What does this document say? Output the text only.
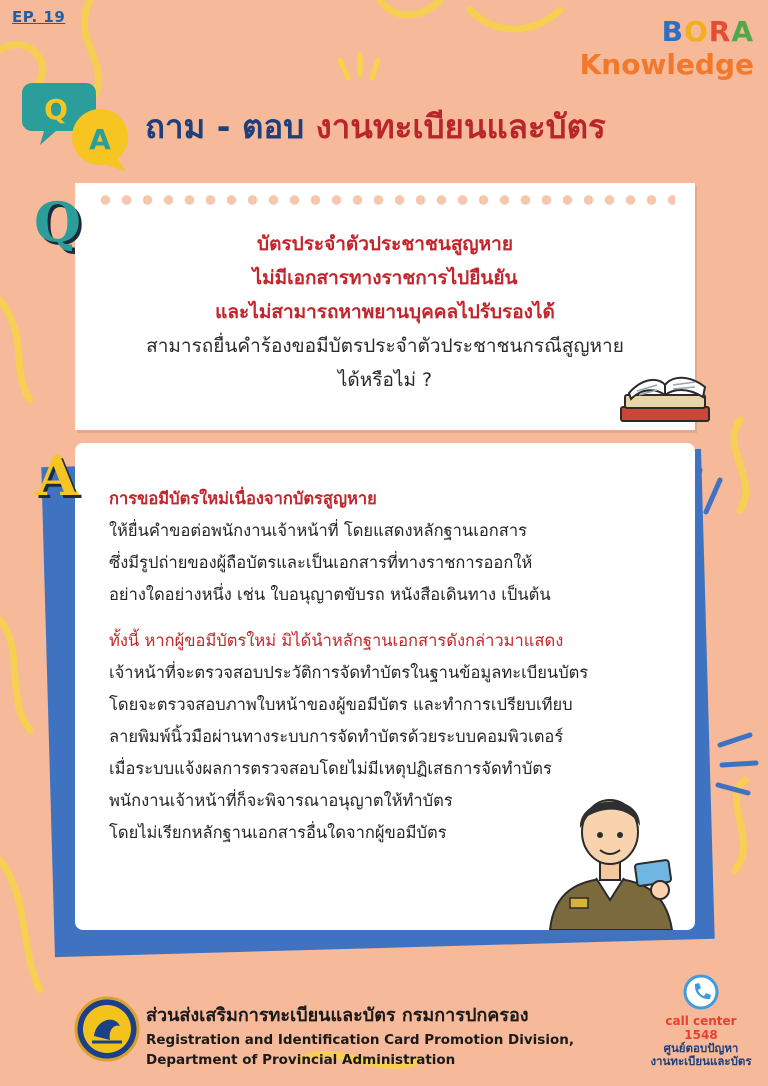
EP. 19	BORA
Knowledge
Q
A ถาม - ตอบ งานทะเบียนและบัตร
บัตรประจำตัวประชาชนสูญหาย
ไม่มีเอกสารทางราชการไปยืนยัน
และไม่สามารถหาพยานบุคคลไปรับรองได้
สามารถยื่นคำร้องขอมีบัตรประจำตัวประชาชนกรณีสูญหาย
ได้หรือไม่ ?
Q

การขอมีบัตรใหม่เนื่องจากบัตรสูญหาย

ให้ยื่นคำขอต่อพนักงานเจ้าหน้าที่ โดยแสดงหลักฐานเอกสาร

ซึ่งมีรูปถ่ายของผู้ถือบัตรและเป็นเอกสารที่ทางราชการออกให้

อย่างใดอย่างหนึ่ง เช่น ใบอนุญาตขับรถ หนังสือเดินทาง เป็นต้น

ทั้งนี้ หากผู้ขอมีบัตรใหม่ มิได้นำหลักฐานเอกสารดังกล่าวมาแสดง

เจ้าหน้าที่จะตรวจสอบประวัติการจัดทำบัตรในฐานข้อมูลทะเบียนบัตร

โดยจะตรวจสอบภาพใบหน้าของผู้ขอมีบัตร และทำการเปรียบเทียบ

ลายพิมพ์นิ้วมือผ่านทางระบบการจัดทำบัตรด้วยระบบคอมพิวเตอร์

เมื่อระบบแจ้งผลการตรวจสอบโดยไม่มีเหตุปฏิเสธการจัดทำบัตร

พนักงานเจ้าหน้าที่ก็จะพิจารณาอนุญาตให้ทำบัตร

โดยไม่เรียกหลักฐานเอกสารอื่นใดจากผู้ขอมีบัตร

A
ส่วนส่งเสริมการทะเบียนและบัตร กรมการปกครอง
Registration and Identification Card Promotion Division,
Department of Provincial Administration
call center
1548
ศูนย์ตอบปัญหา
งานทะเบียนและบัตร
